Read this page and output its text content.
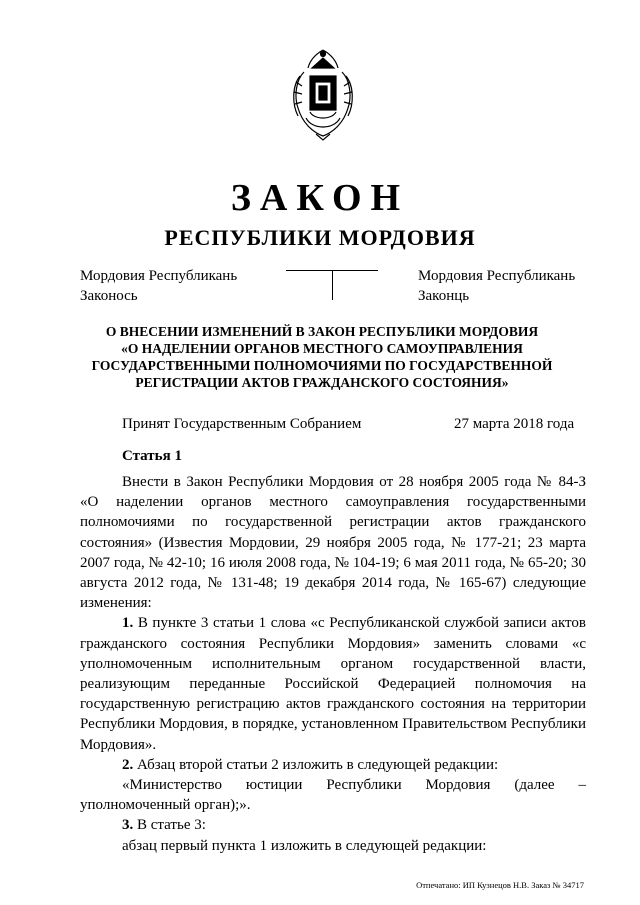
ЗАКОН
РЕСПУБЛИКИ МОРДОВИЯ
Мордовия Республикань
Законось
Мордовия Республикань
Законць
О ВНЕСЕНИИ ИЗМЕНЕНИЙ В ЗАКОН РЕСПУБЛИКИ МОРДОВИЯ
«О НАДЕЛЕНИИ ОРГАНОВ МЕСТНОГО САМОУПРАВЛЕНИЯ
ГОСУДАРСТВЕННЫМИ ПОЛНОМОЧИЯМИ ПО ГОСУДАРСТВЕННОЙ
РЕГИСТРАЦИИ АКТОВ ГРАЖДАНСКОГО СОСТОЯНИЯ»
Принят Государственным Собранием	27 марта 2018 года
Статья 1

Внести в Закон Республики Мордовия от 28 ноября 2005 года № 84-З «О наделении органов местного самоуправления государственными полномочиями по государственной регистрации актов гражданского состояния» (Известия Мордовии, 29 ноября 2005 года, № 177-21; 23 марта 2007 года, № 42-10; 16 июля 2008 года, № 104-19; 6 мая 2011 года, № 65-20; 30 августа 2012 года, № 131-48; 19 декабря 2014 года, № 165-67) следующие изменения:

1. В пункте 3 статьи 1 слова «с Республиканской службой записи актов гражданского состояния Республики Мордовия» заменить словами «с уполномоченным исполнительным органом государственной власти, реализующим переданные Российской Федерацией полномочия на государственную регистрацию актов гражданского состояния на территории Республики Мордовия, в порядке, установленном Правительством Республики Мордовия».

2. Абзац второй статьи 2 изложить в следующей редакции:

«Министерство юстиции Республики Мордовия (далее – уполномоченный орган);».

3. В статье 3:

абзац первый пункта 1 изложить в следующей редакции:

Отпечатано: ИП Кузнецов Н.В. Заказ № 34717
